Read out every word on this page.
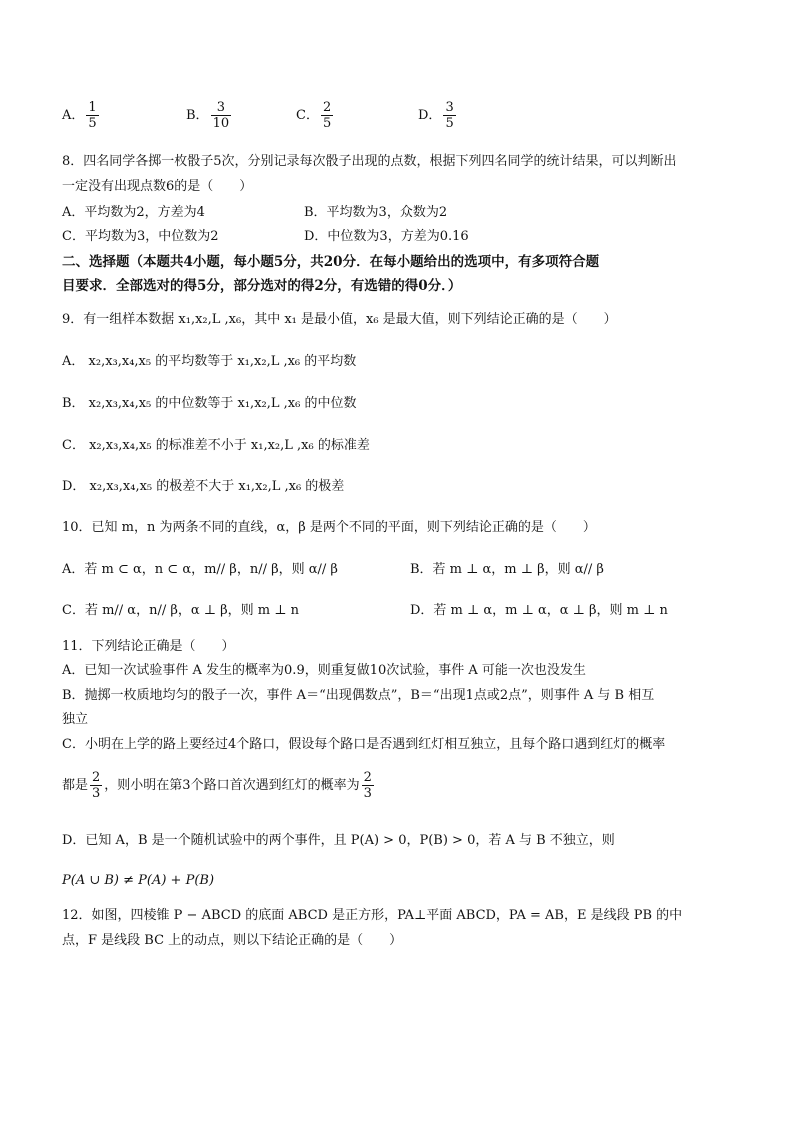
A． $\frac{1}{5}$	B． $\frac{3}{10}$	C． $\frac{2}{5}$	D． $\frac{3}{5}$
8．四名同学各掷一枚骰子5次，分别记录每次骰子出现的点数，根据下列四名同学的统计结果，可以判断出
一定没有出现点数6的是（　　）
A．平均数为2，方差为4	B．平均数为3，众数为2
C．平均数为3，中位数为2	D．中位数为3，方差为0.16
二、选择题（本题共4小题，每小题5分，共20分．在每小题给出的选项中，有多项符合题
目要求．全部选对的得5分，部分选对的得2分，有选错的得0分．）
9．有一组样本数据 x₁,x₂,L ,x₆，其中 x₁ 是最小值，x₆ 是最大值，则下列结论正确的是（　　）
A． x₂,x₃,x₄,x₅ 的平均数等于 x₁,x₂,L ,x₆ 的平均数
B． x₂,x₃,x₄,x₅ 的中位数等于 x₁,x₂,L ,x₆ 的中位数
C． x₂,x₃,x₄,x₅ 的标准差不小于 x₁,x₂,L ,x₆ 的标准差
D． x₂,x₃,x₄,x₅ 的极差不大于 x₁,x₂,L ,x₆ 的极差
10．已知 m，n 为两条不同的直线，α，β 是两个不同的平面，则下列结论正确的是（　　）
A．若 m ⊂ α，n ⊂ α，m// β，n// β，则 α// β	B．若 m ⊥ α，m ⊥ β，则 α// β
C．若 m// α，n// β，α ⊥ β，则 m ⊥ n	D．若 m ⊥ α，m ⊥ α，α ⊥ β，则 m ⊥ n
11．下列结论正确是（　　）
A．已知一次试验事件 A 发生的概率为0.9，则重复做10次试验，事件 A 可能一次也没发生
B．抛掷一枚质地均匀的骰子一次，事件 A＝“出现偶数点”，B＝“出现1点或2点”，则事件 A 与 B 相互
独立
C．小明在上学的路上要经过4个路口，假设每个路口是否遇到红灯相互独立，且每个路口遇到红灯的概率
都是 $\frac{2}{3}$ ，则小明在第3个路口首次遇到红灯的概率为 $\frac{2}{3}$
D．已知 A，B 是一个随机试验中的两个事件，且 P(A) > 0，P(B) > 0，若 A 与 B 不独立，则
P(A ∪ B) ≠ P(A) + P(B)
12．如图，四棱锥 P − ABCD 的底面 ABCD 是正方形，PA⊥平面 ABCD，PA = AB，E 是线段 PB 的中
点，F 是线段 BC 上的动点，则以下结论正确的是（　　）
